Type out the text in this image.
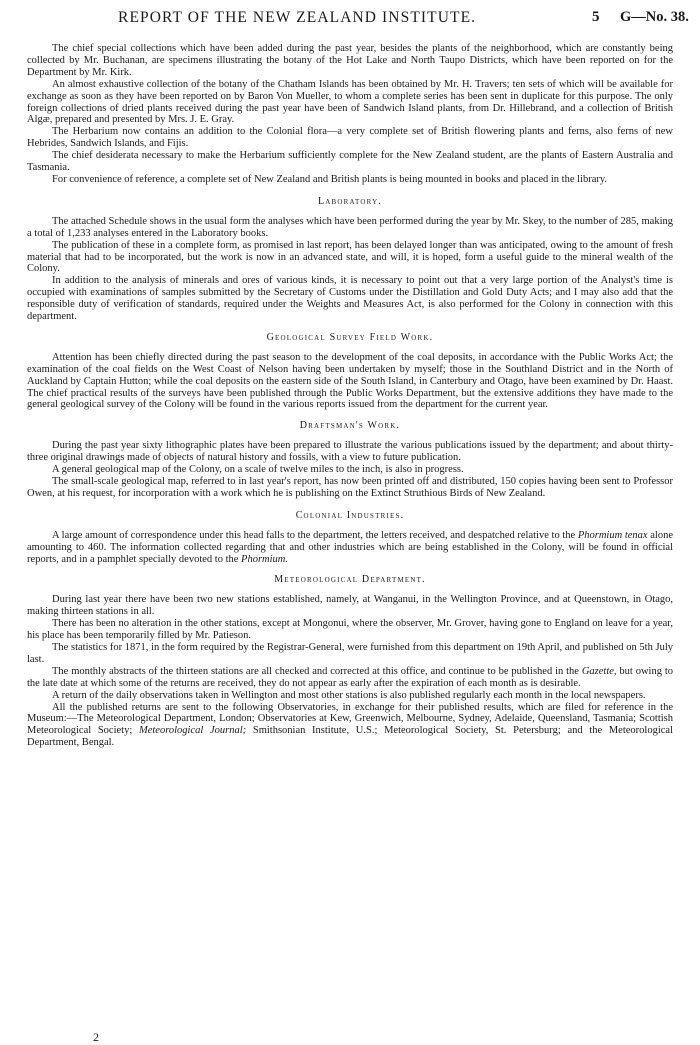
REPORT OF THE NEW ZEALAND INSTITUTE.	5 G—No. 38.

The chief special collections which have been added during the past year, besides the plants of the neighborhood, which are constantly being collected by Mr. Buchanan, are specimens illustrating the botany of the Hot Lake and North Taupo Districts, which have been reported on for the Department by Mr. Kirk.

An almost exhaustive collection of the botany of the Chatham Islands has been obtained by Mr. H. Travers; ten sets of which will be available for exchange as soon as they have been reported on by Baron Von Mueller, to whom a complete series has been sent in duplicate for this purpose. The only foreign collections of dried plants received during the past year have been of Sandwich Island plants, from Dr. Hillebrand, and a collection of British Algæ, prepared and presented by Mrs. J. E. Gray.

The Herbarium now contains an addition to the Colonial flora—a very complete set of British flowering plants and ferns, also ferns of new Hebrides, Sandwich Islands, and Fijis.

The chief desiderata necessary to make the Herbarium sufficiently complete for the New Zealand student, are the plants of Eastern Australia and Tasmania.

For convenience of reference, a complete set of New Zealand and British plants is being mounted in books and placed in the library.

Laboratory.

The attached Schedule shows in the usual form the analyses which have been performed during the year by Mr. Skey, to the number of 285, making a total of 1,233 analyses entered in the Laboratory books.

The publication of these in a complete form, as promised in last report, has been delayed longer than was anticipated, owing to the amount of fresh material that had to be incorporated, but the work is now in an advanced state, and will, it is hoped, form a useful guide to the mineral wealth of the Colony.

In addition to the analysis of minerals and ores of various kinds, it is necessary to point out that a very large portion of the Analyst's time is occupied with examinations of samples submitted by the Secretary of Customs under the Distillation and Gold Duty Acts; and I may also add that the responsible duty of verification of standards, required under the Weights and Measures Act, is also performed for the Colony in connection with this department.

Geological Survey Field Work.

Attention has been chiefly directed during the past season to the development of the coal deposits, in accordance with the Public Works Act; the examination of the coal fields on the West Coast of Nelson having been undertaken by myself; those in the Southland District and in the North of Auckland by Captain Hutton; while the coal deposits on the eastern side of the South Island, in Canterbury and Otago, have been examined by Dr. Haast. The chief practical results of the surveys have been published through the Public Works Department, but the extensive additions they have made to the general geological survey of the Colony will be found in the various reports issued from the department for the current year.

Draftsman's Work.

During the past year sixty lithographic plates have been prepared to illustrate the various publications issued by the department; and about thirty-three original drawings made of objects of natural history and fossils, with a view to future publication.

A general geological map of the Colony, on a scale of twelve miles to the inch, is also in progress.

The small-scale geological map, referred to in last year's report, has now been printed off and distributed, 150 copies having been sent to Professor Owen, at his request, for incorporation with a work which he is publishing on the Extinct Struthious Birds of New Zealand.

Colonial Industries.

A large amount of correspondence under this head falls to the department, the letters received, and despatched relative to the Phormium tenax alone amounting to 460. The information collected regarding that and other industries which are being established in the Colony, will be found in official reports, and in a pamphlet specially devoted to the Phormium.

Meteorological Department.

During last year there have been two new stations established, namely, at Wanganui, in the Wellington Province, and at Queenstown, in Otago, making thirteen stations in all.

There has been no alteration in the other stations, except at Mongonui, where the observer, Mr. Grover, having gone to England on leave for a year, his place has been temporarily filled by Mr. Patieson.

The statistics for 1871, in the form required by the Registrar-General, were furnished from this department on 19th April, and published on 5th July last.

The monthly abstracts of the thirteen stations are all checked and corrected at this office, and continue to be published in the Gazette, but owing to the late date at which some of the returns are received, they do not appear as early after the expiration of each month as is desirable.

A return of the daily observations taken in Wellington and most other stations is also published regularly each month in the local newspapers.

All the published returns are sent to the following Observatories, in exchange for their published results, which are filed for reference in the Museum:—The Meteorological Department, London; Observatories at Kew, Greenwich, Melbourne, Sydney, Adelaide, Queensland, Tasmania; Scottish Meteorological Society; Meteorological Journal; Smithsonian Institute, U.S.; Meteorological Society, St. Petersburg; and the Meteorological Department, Bengal.

2
